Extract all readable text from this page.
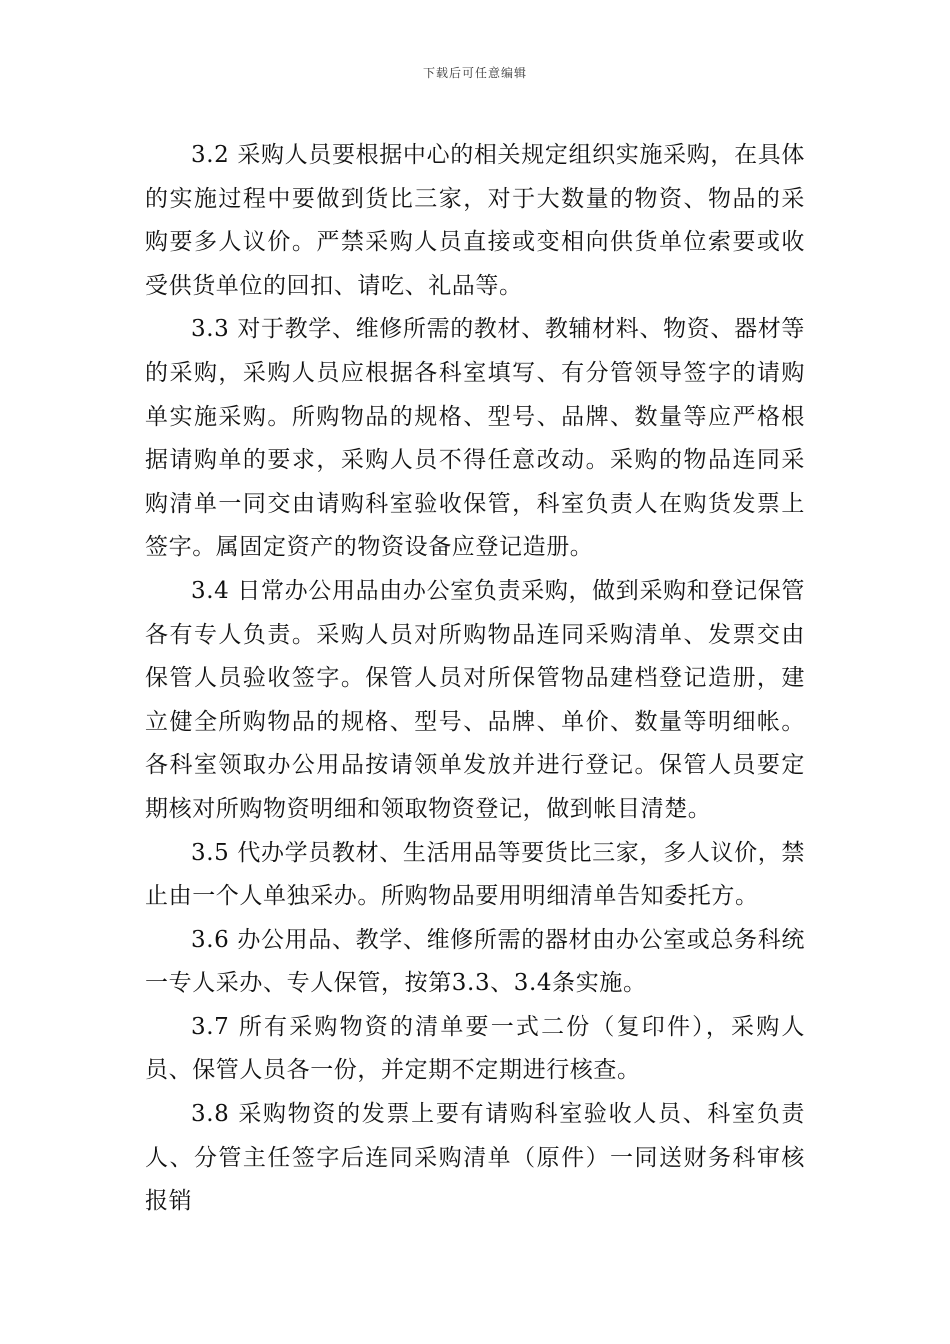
下载后可任意编辑

3.2 采购人员要根据中心的相关规定组织实施采购，在具体的实施过程中要做到货比三家，对于大数量的物资、物品的采购要多人议价。严禁采购人员直接或变相向供货单位索要或收受供货单位的回扣、请吃、礼品等。

3.3 对于教学、维修所需的教材、教辅材料、物资、器材等的采购，采购人员应根据各科室填写、有分管领导签字的请购单实施采购。所购物品的规格、型号、品牌、数量等应严格根据请购单的要求，采购人员不得任意改动。采购的物品连同采购清单一同交由请购科室验收保管，科室负责人在购货发票上签字。属固定资产的物资设备应登记造册。

3.4 日常办公用品由办公室负责采购，做到采购和登记保管各有专人负责。采购人员对所购物品连同采购清单、发票交由保管人员验收签字。保管人员对所保管物品建档登记造册，建立健全所购物品的规格、型号、品牌、单价、数量等明细帐。各科室领取办公用品按请领单发放并进行登记。保管人员要定期核对所购物资明细和领取物资登记，做到帐目清楚。

3.5 代办学员教材、生活用品等要货比三家，多人议价，禁止由一个人单独采办。所购物品要用明细清单告知委托方。

3.6 办公用品、教学、维修所需的器材由办公室或总务科统一专人采办、专人保管，按第3.3、3.4条实施。

3.7 所有采购物资的清单要一式二份（复印件），采购人员、保管人员各一份，并定期不定期进行核查。

3.8 采购物资的发票上要有请购科室验收人员、科室负责人、分管主任签字后连同采购清单（原件）一同送财务科审核报销
